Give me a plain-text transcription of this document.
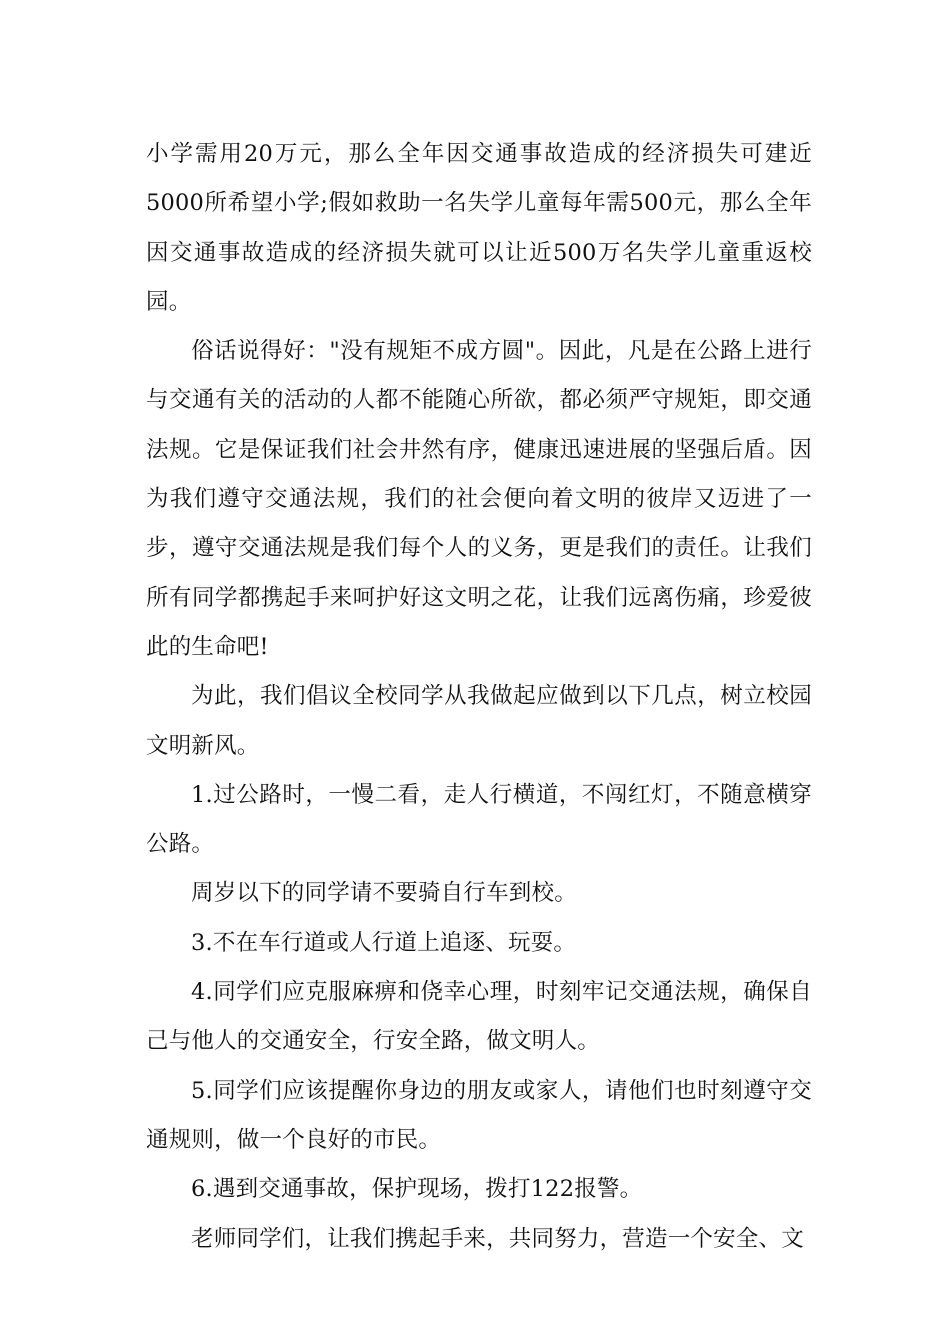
小学需用20万元，那么全年因交通事故造成的经济损失可建近5000所希望小学;假如救助一名失学儿童每年需500元，那么全年因交通事故造成的经济损失就可以让近500万名失学儿童重返校园。

俗话说得好："没有规矩不成方圆"。因此，凡是在公路上进行与交通有关的活动的人都不能随心所欲，都必须严守规矩，即交通法规。它是保证我们社会井然有序，健康迅速进展的坚强后盾。因为我们遵守交通法规，我们的社会便向着文明的彼岸又迈进了一步，遵守交通法规是我们每个人的义务，更是我们的责任。让我们所有同学都携起手来呵护好这文明之花，让我们远离伤痛，珍爱彼此的生命吧!

为此，我们倡议全校同学从我做起应做到以下几点，树立校园文明新风。

1.过公路时，一慢二看，走人行横道，不闯红灯，不随意横穿公路。

周岁以下的同学请不要骑自行车到校。

3.不在车行道或人行道上追逐、玩耍。

4.同学们应克服麻痹和侥幸心理，时刻牢记交通法规，确保自己与他人的交通安全，行安全路，做文明人。

5.同学们应该提醒你身边的朋友或家人，请他们也时刻遵守交通规则，做一个良好的市民。

6.遇到交通事故，保护现场，拨打122报警。

老师同学们，让我们携起手来，共同努力，营造一个安全、文
